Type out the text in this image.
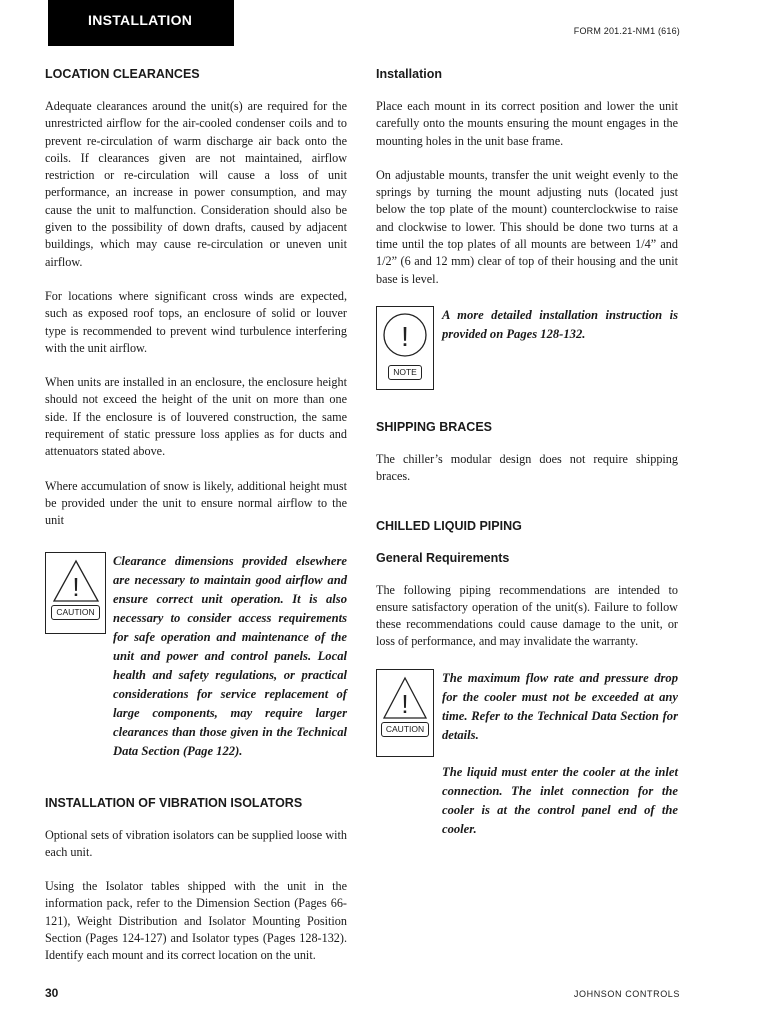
INSTALLATION
FORM 201.21-NM1 (616)
LOCATION CLEARANCES

Adequate clearances around the unit(s) are required for the unrestricted airflow for the air-cooled condenser coils and to prevent re-circulation of warm discharge air back onto the coils. If clearances given are not maintained, airflow restriction or re-circulation will cause a loss of unit performance, an increase in power consumption, and may cause the unit to malfunction. Consideration should also be given to the possibility of down drafts, caused by adjacent buildings, which may cause re-circulation or uneven unit airflow.

For locations where significant cross winds are expected, such as exposed roof tops, an enclosure of solid or louver type is recommended to prevent wind turbulence interfering with the unit airflow.

When units are installed in an enclosure, the enclosure height should not exceed the height of the unit on more than one side. If the enclosure is of louvered construction, the same requirement of static pressure loss applies as for ducts and attenuators stated above.

Where accumulation of snow is likely, additional height must be provided under the unit to ensure normal airflow to the unit

!
CAUTION
Clearance dimensions provided elsewhere are necessary to maintain good airflow and ensure correct unit operation. It is also necessary to consider access requirements for safe operation and maintenance of the unit and power and control panels. Local health and safety regulations, or practical considerations for service replacement of large components, may require larger clearances than those given in the Technical Data Section (Page 122).
INSTALLATION OF VIBRATION ISOLATORS

Optional sets of vibration isolators can be supplied loose with each unit.

Using the Isolator tables shipped with the unit in the information pack, refer to the Dimension Section (Pages 66-121), Weight Distribution and Isolator Mounting Position Section (Pages 124-127) and Isolator types (Pages 128-132). Identify each mount and its correct location on the unit.

Installation

Place each mount in its correct position and lower the unit carefully onto the mounts ensuring the mount engages in the mounting holes in the unit base frame.

On adjustable mounts, transfer the unit weight evenly to the springs by turning the mount adjusting nuts (located just below the top plate of the mount) counterclockwise to raise and clockwise to lower. This should be done two turns at a time until the top plates of all mounts are between 1/4” and 1/2” (6 and 12 mm) clear of top of their housing and the unit base is level.

!
NOTE
A more detailed installation instruction is provided on Pages 128-132.
SHIPPING BRACES

The chiller’s modular design does not require shipping braces.

CHILLED LIQUID PIPING
General Requirements

The following piping recommendations are intended to ensure satisfactory operation of the unit(s). Failure to follow these recommendations could cause damage to the unit, or loss of performance, and may invalidate the warranty.

!
CAUTION
The maximum flow rate and pressure drop for the cooler must not be exceeded at any time. Refer to the Technical Data Section for details.
The liquid must enter the cooler at the inlet connection. The inlet connection for the cooler is at the control panel end of the cooler.
30	JOHNSON CONTROLS
